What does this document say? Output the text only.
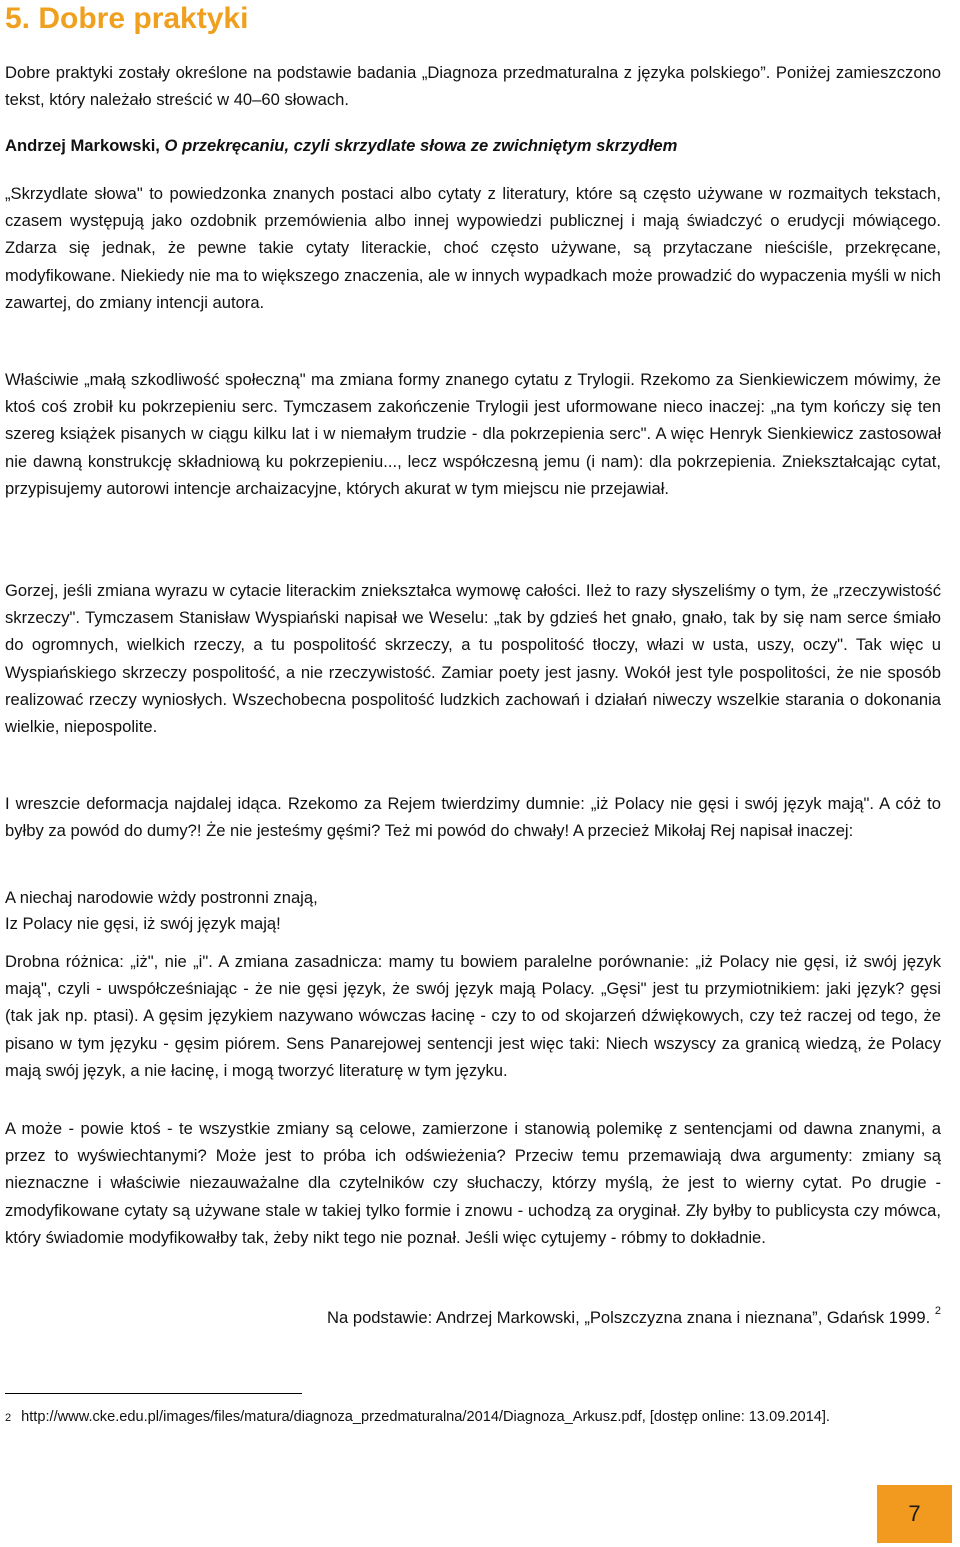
5. Dobre praktyki

Dobre praktyki zostały określone na podstawie badania „Diagnoza przedmaturalna z języka polskiego”. Poniżej zamieszczono tekst, który należało streścić w 40–60 słowach.

Andrzej Markowski, O przekręcaniu, czyli skrzydlate słowa ze zwichniętym skrzydłem

„Skrzydlate słowa" to powiedzonka znanych postaci albo cytaty z literatury, które są często używane w rozmaitych tekstach, czasem występują jako ozdobnik przemówienia albo innej wypowiedzi publicznej i mają świadczyć o erudycji mówiącego. Zdarza się jednak, że pewne takie cytaty literackie, choć często używane, są przytaczane nieściśle, przekręcane, modyfikowane. Niekiedy nie ma to większego znaczenia, ale w innych wypadkach może prowadzić do wypaczenia myśli w nich zawartej, do zmiany intencji autora.

Właściwie „małą szkodliwość społeczną" ma zmiana formy znanego cytatu z Trylogii. Rzekomo za Sienkiewiczem mówimy, że ktoś coś zrobił ku pokrzepieniu serc. Tymczasem zakończenie Trylogii jest uformowane nieco inaczej: „na tym kończy się ten szereg książek pisanych w ciągu kilku lat i w niemałym trudzie - dla pokrzepienia serc". A więc Henryk Sienkiewicz zastosował nie dawną konstrukcję składniową ku pokrzepieniu..., lecz współczesną jemu (i nam): dla pokrzepienia. Zniekształcając cytat, przypisujemy autorowi intencje archaizacyjne, których akurat w tym miejscu nie przejawiał.

Gorzej, jeśli zmiana wyrazu w cytacie literackim zniekształca wymowę całości. Ileż to razy słyszeliśmy o tym, że „rzeczywistość skrzeczy". Tymczasem Stanisław Wyspiański napisał we Weselu: „tak by gdzieś het gnało, gnało, tak by się nam serce śmiało do ogromnych, wielkich rzeczy, a tu pospolitość skrzeczy, a tu pospolitość tłoczy, włazi w usta, uszy, oczy". Tak więc u Wyspiańskiego skrzeczy pospolitość, a nie rzeczywistość. Zamiar poety jest jasny. Wokół jest tyle pospolitości, że nie sposób realizować rzeczy wyniosłych. Wszechobecna pospolitość ludzkich zachowań i działań niweczy wszelkie starania o dokonania wielkie, niepospolite.

I wreszcie deformacja najdalej idąca. Rzekomo za Rejem twierdzimy dumnie: „iż Polacy nie gęsi i swój język mają". A cóż to byłby za powód do dumy?! Że nie jesteśmy gęśmi? Też mi powód do chwały! A przecież Mikołaj Rej napisał inaczej:

A niechaj narodowie wżdy postronni znają,

Iz Polacy nie gęsi, iż swój język mają!

Drobna różnica: „iż", nie „i". A zmiana zasadnicza: mamy tu bowiem paralelne porównanie: „iż Polacy nie gęsi, iż swój język mają", czyli - uwspółcześniając - że nie gęsi język, że swój język mają Polacy. „Gęsi" jest tu przymiotnikiem: jaki język? gęsi (tak jak np. ptasi). A gęsim językiem nazywano wówczas łacinę - czy to od skojarzeń dźwiękowych, czy też raczej od tego, że pisano w tym języku - gęsim piórem. Sens Panarejowej sentencji jest więc taki: Niech wszyscy za granicą wiedzą, że Polacy mają swój język, a nie łacinę, i mogą tworzyć literaturę w tym języku.

A może - powie ktoś - te wszystkie zmiany są celowe, zamierzone i stanowią polemikę z sentencjami od dawna znanymi, a przez to wyświechtanymi? Może jest to próba ich odświeżenia? Przeciw temu przemawiają dwa argumenty: zmiany są nieznaczne i właściwie niezauważalne dla czytelników czy słuchaczy, którzy myślą, że jest to wierny cytat. Po drugie - zmodyfikowane cytaty są używane stale w takiej tylko formie i znowu - uchodzą za oryginał. Zły byłby to publicysta czy mówca, który świadomie modyfikowałby tak, żeby nikt tego nie poznał. Jeśli więc cytujemy - róbmy to dokładnie.

Na podstawie: Andrzej Markowski, „Polszczyzna znana i nieznana”, Gdańsk 1999. $^2$

2 http://www.cke.edu.pl/images/files/matura/diagnoza_przedmaturalna/2014/Diagnoza_Arkusz.pdf, [dostęp online: 13.09.2014].

7
